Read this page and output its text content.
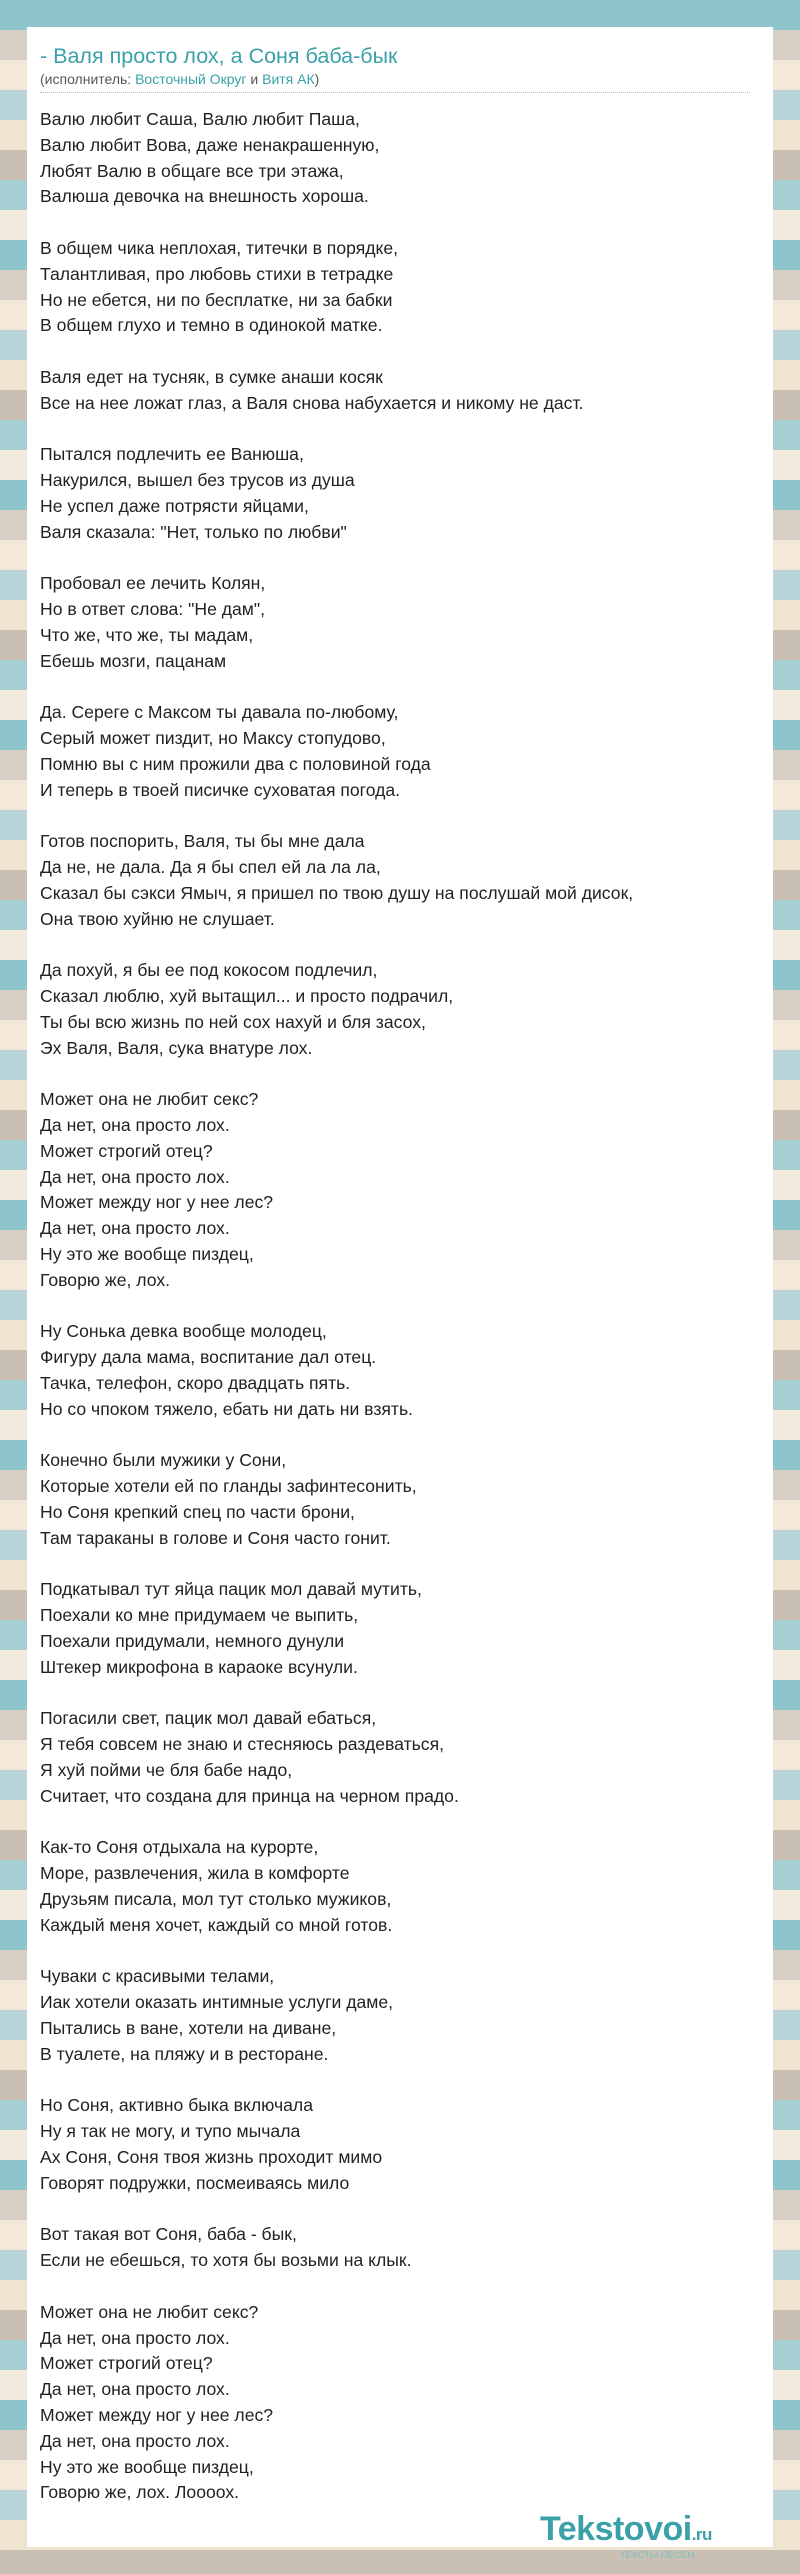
- Валя просто лох, а Соня баба-бык
(исполнитель: Восточный Округ и Витя АК)
Валю любит Саша, Валю любит Паша,
Валю любит Вова, даже ненакрашенную,
Любят Валю в общаге все три этажа,
Валюша девочка на внешность хороша.
В общем чика неплохая, титечки в порядке,
Талантливая, про любовь стихи в тетрадке
Но не ебется, ни по бесплатке, ни за бабки
В общем глухо и темно в одинокой матке.
Валя едет на тусняк, в сумке анаши косяк
Все на нее ложат глаз, а Валя снова набухается и никому не даст.
Пытался подлечить ее Ванюша,
Накурился, вышел без трусов из душа
Не успел даже потрясти яйцами,
Валя сказала: "Нет, только по любви"
Пробовал ее лечить Колян,
Но в ответ слова: "Не дам",
Что же, что же, ты мадам,
Ебешь мозги, пацанам
Да. Сереге с Максом ты давала по-любому,
Серый может пиздит, но Максу стопудово,
Помню вы с ним прожили два с половиной года
И теперь в твоей писичке суховатая погода.
Готов поспорить, Валя, ты бы мне дала
Да не, не дала. Да я бы спел ей ла ла ла,
Сказал бы сэкси Ямыч, я пришел по твою душу на послушай мой дисок,
Она твою хуйню не слушает.
Да похуй, я бы ее под кокосом подлечил,
Сказал люблю, хуй вытащил... и просто подрачил,
Ты бы всю жизнь по ней сох нахуй и бля засох,
Эх Валя, Валя, сука внатуре лох.
Может она не любит секс?
Да нет, она просто лох.
Может строгий отец?
Да нет, она просто лох.
Может между ног у нее лес?
Да нет, она просто лох.
Ну это же вообще пиздец,
Говорю же, лох.
Ну Сонька девка вообще молодец,
Фигуру дала мама, воспитание дал отец.
Тачка, телефон, скоро двадцать пять.
Но со чпоком тяжело, ебать ни дать ни взять.
Конечно были мужики у Сони,
Которые хотели ей по гланды зафинтесонить,
Но Соня крепкий спец по части брони,
Там тараканы в голове и Соня часто гонит.
Подкатывал тут яйца пацик мол давай мутить,
Поехали ко мне придумаем че выпить,
Поехали придумали, немного дунули
Штекер микрофона в караоке всунули.
Погасили свет, пацик мол давай ебаться,
Я тебя совсем не знаю и стесняюсь раздеваться,
Я хуй пойми че бля бабе надо,
Считает, что создана для принца на черном прадо.
Как-то Соня отдыхала на курорте,
Море, развлечения, жила в комфорте
Друзьям писала, мол тут столько мужиков,
Каждый меня хочет, каждый со мной готов.
Чуваки с красивыми телами,
Иак хотели оказать интимные услуги даме,
Пытались в ване, хотели на диване,
В туалете, на пляжу и в ресторане.
Но Соня, активно быка включала
Ну я так не могу, и тупо мычала
Ах Соня, Соня твоя жизнь проходит мимо
Говорят подружки, посмеиваясь мило
Вот такая вот Соня, баба - бык,
Если не ебешься, то хотя бы возьми на клык.
Может она не любит секс?
Да нет, она просто лох.
Может строгий отец?
Да нет, она просто лох.
Может между ног у нее лес?
Да нет, она просто лох.
Ну это же вообще пиздец,
Говорю же, лох. Лоооох.
Tekstovoi.ru
ТЕКСТЫ ПЕСЕН
